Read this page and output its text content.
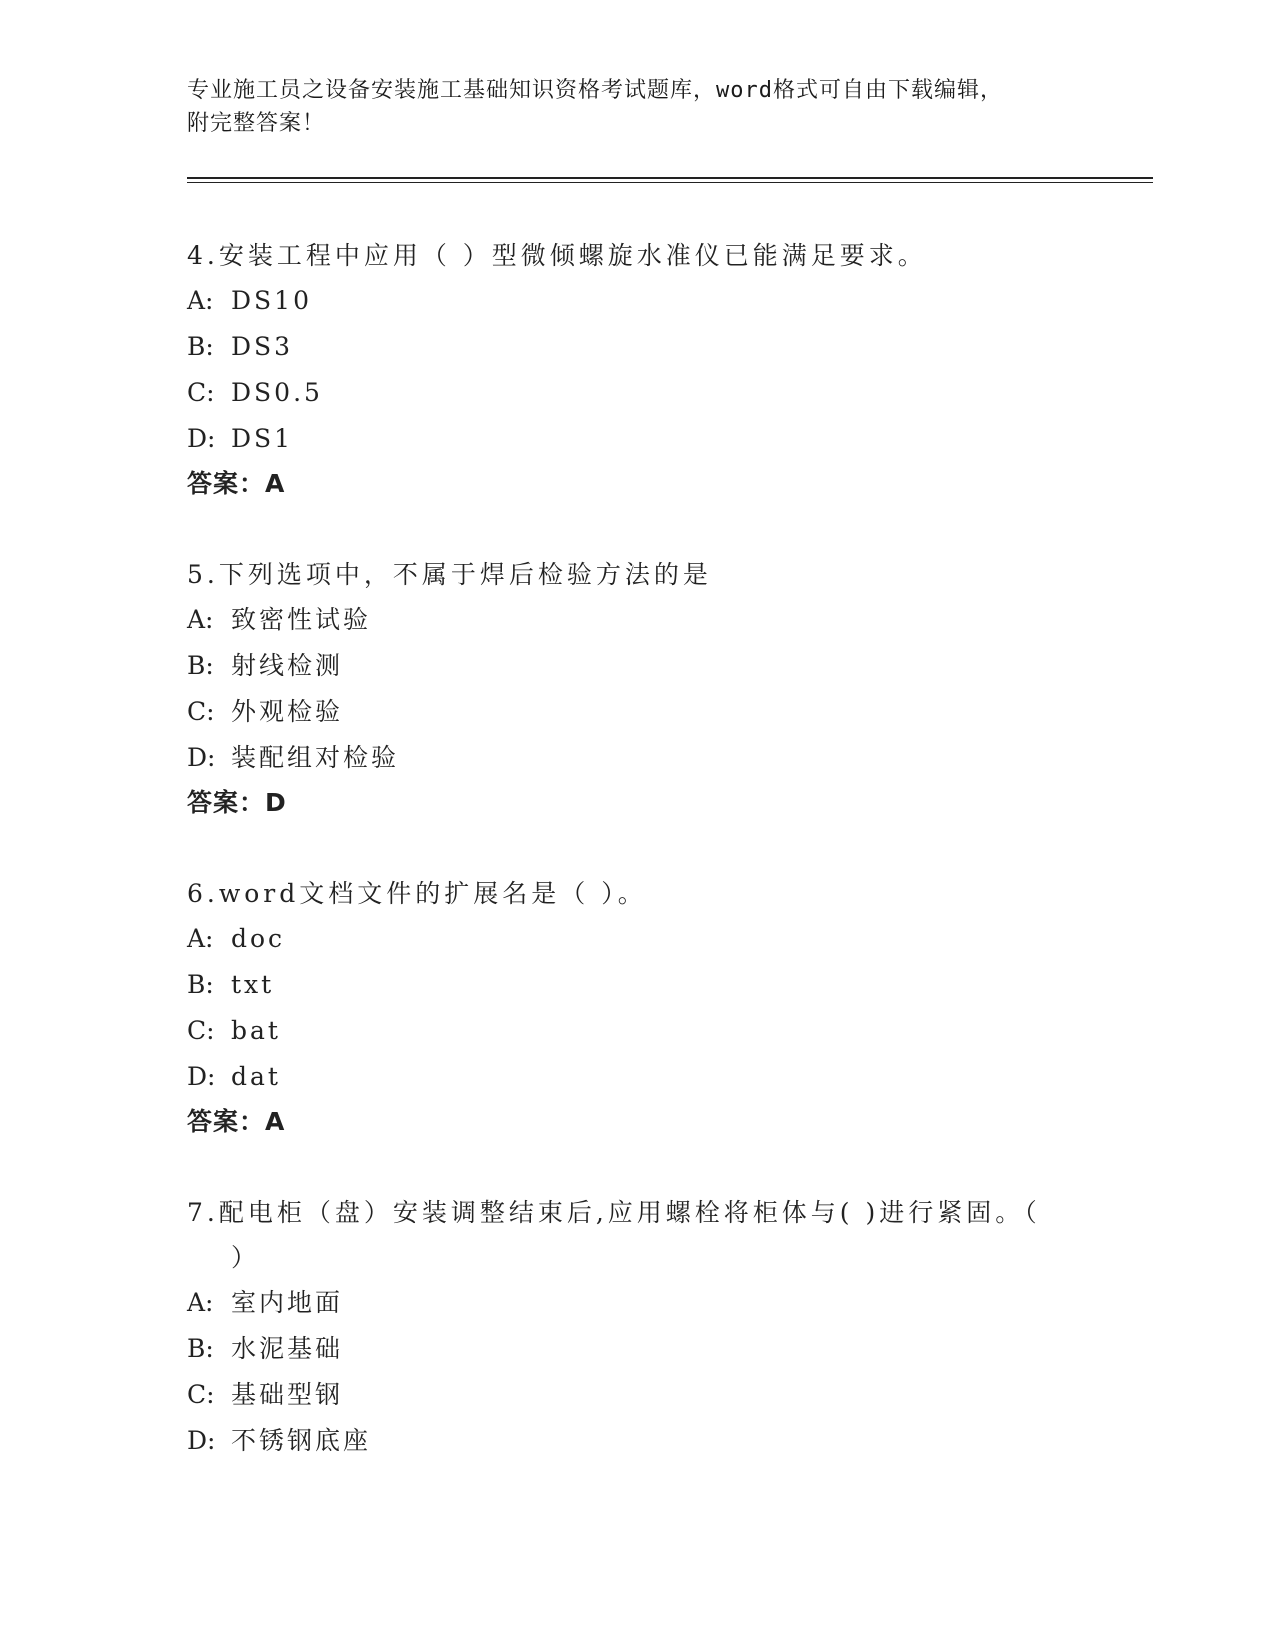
专业施工员之设备安装施工基础知识资格考试题库，word格式可自由下载编辑，
附完整答案！
4.安装工程中应用（ ）型微倾螺旋水准仪已能满足要求。
A: DS10
B: DS3
C: DS0.5
D: DS1
答案：A
5.下列选项中，不属于焊后检验方法的是
A: 致密性试验
B: 射线检测
C: 外观检验
D: 装配组对检验
答案：D
6.word文档文件的扩展名是（ ）。
A: doc
B: txt
C: bat
D: dat
答案：A
7.配电柜（盘）安装调整结束后,应用螺栓将柜体与( )进行紧固。（
）
A: 室内地面
B: 水泥基础
C: 基础型钢
D: 不锈钢底座
